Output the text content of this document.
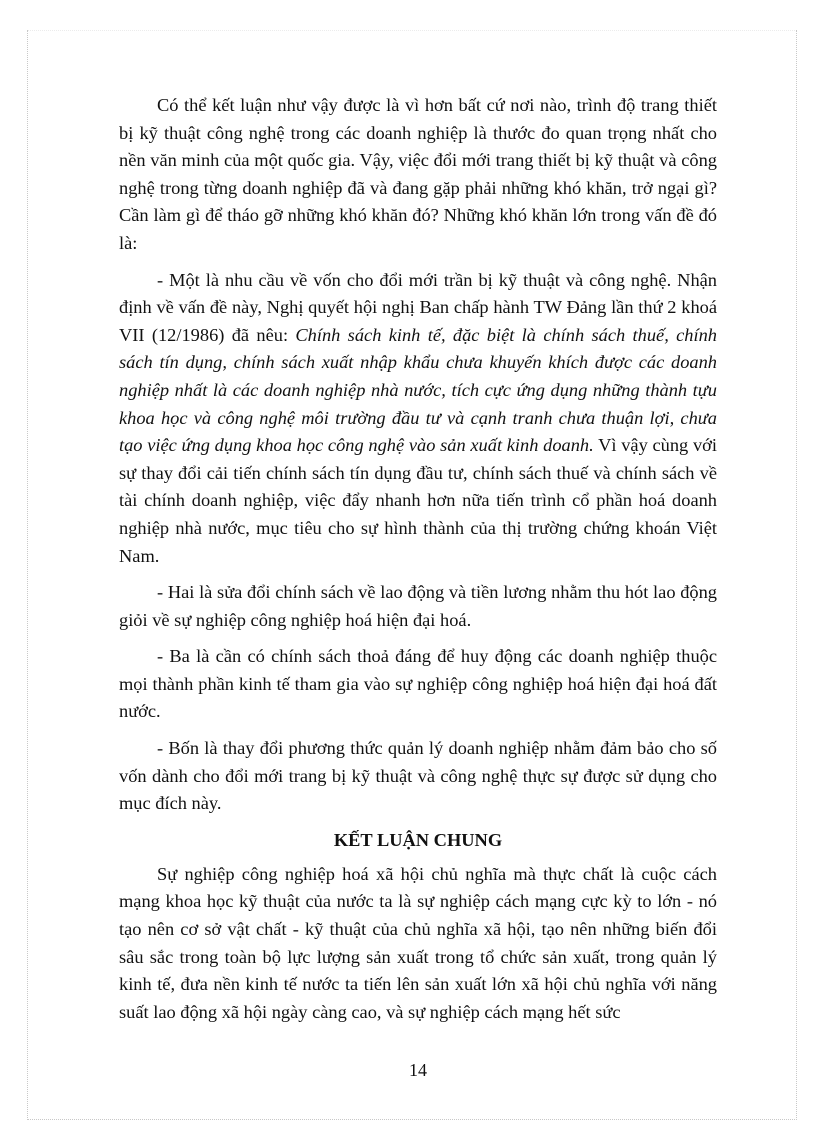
Có thể kết luận như vậy được là vì hơn bất cứ nơi nào, trình độ trang thiết bị kỹ thuật công nghệ trong các doanh nghiệp là thước đo quan trọng nhất cho nền văn minh của một quốc gia. Vậy, việc đổi mới trang thiết bị kỹ thuật và công nghệ trong từng doanh nghiệp đã và đang gặp phải những khó khăn, trở ngại gì? Cần làm gì để tháo gỡ những khó khăn đó? Những khó khăn lớn trong vấn đề đó là:

- Một là nhu cầu về vốn cho đổi mới trần bị kỹ thuật và công nghệ. Nhận định về vấn đề này, Nghị quyết hội nghị Ban chấp hành TW Đảng lần thứ 2 khoá VII (12/1986) đã nêu: Chính sách kinh tế, đặc biệt là chính sách thuế, chính sách tín dụng, chính sách xuất nhập khẩu chưa khuyến khích được các doanh nghiệp nhất là các doanh nghiệp nhà nước, tích cực ứng dụng những thành tựu khoa học và công nghệ môi trường đầu tư và cạnh tranh chưa thuận lợi, chưa tạo việc ứng dụng khoa học công nghệ vào sản xuất kinh doanh. Vì vậy cùng với sự thay đổi cải tiến chính sách tín dụng đầu tư, chính sách thuế và chính sách về tài chính doanh nghiệp, việc đẩy nhanh hơn nữa tiến trình cổ phần hoá doanh nghiệp nhà nước, mục tiêu cho sự hình thành của thị trường chứng khoán Việt Nam.

- Hai là sửa đổi chính sách về lao động và tiền lương nhằm thu hót lao động giỏi về sự nghiệp công nghiệp hoá hiện đại hoá.

- Ba là cần có chính sách thoả đáng để huy động các doanh nghiệp thuộc mọi thành phần kinh tế tham gia vào sự nghiệp công nghiệp hoá hiện đại hoá đất nước.

- Bốn là thay đổi phương thức quản lý doanh nghiệp nhằm đảm bảo cho số vốn dành cho đổi mới trang bị kỹ thuật và công nghệ thực sự được sử dụng cho mục đích này.

KẾT LUẬN CHUNG

Sự nghiệp công nghiệp hoá xã hội chủ nghĩa mà thực chất là cuộc cách mạng khoa học kỹ thuật của nước ta là sự nghiệp cách mạng cực kỳ to lớn - nó tạo nên cơ sở vật chất - kỹ thuật của chủ nghĩa xã hội, tạo nên những biến đổi sâu sắc trong toàn bộ lực lượng sản xuất trong tổ chức sản xuất, trong quản lý kinh tế, đưa nền kinh tế nước ta tiến lên sản xuất lớn xã hội chủ nghĩa với năng suất lao động xã hội ngày càng cao, và sự nghiệp cách mạng hết sức

14
